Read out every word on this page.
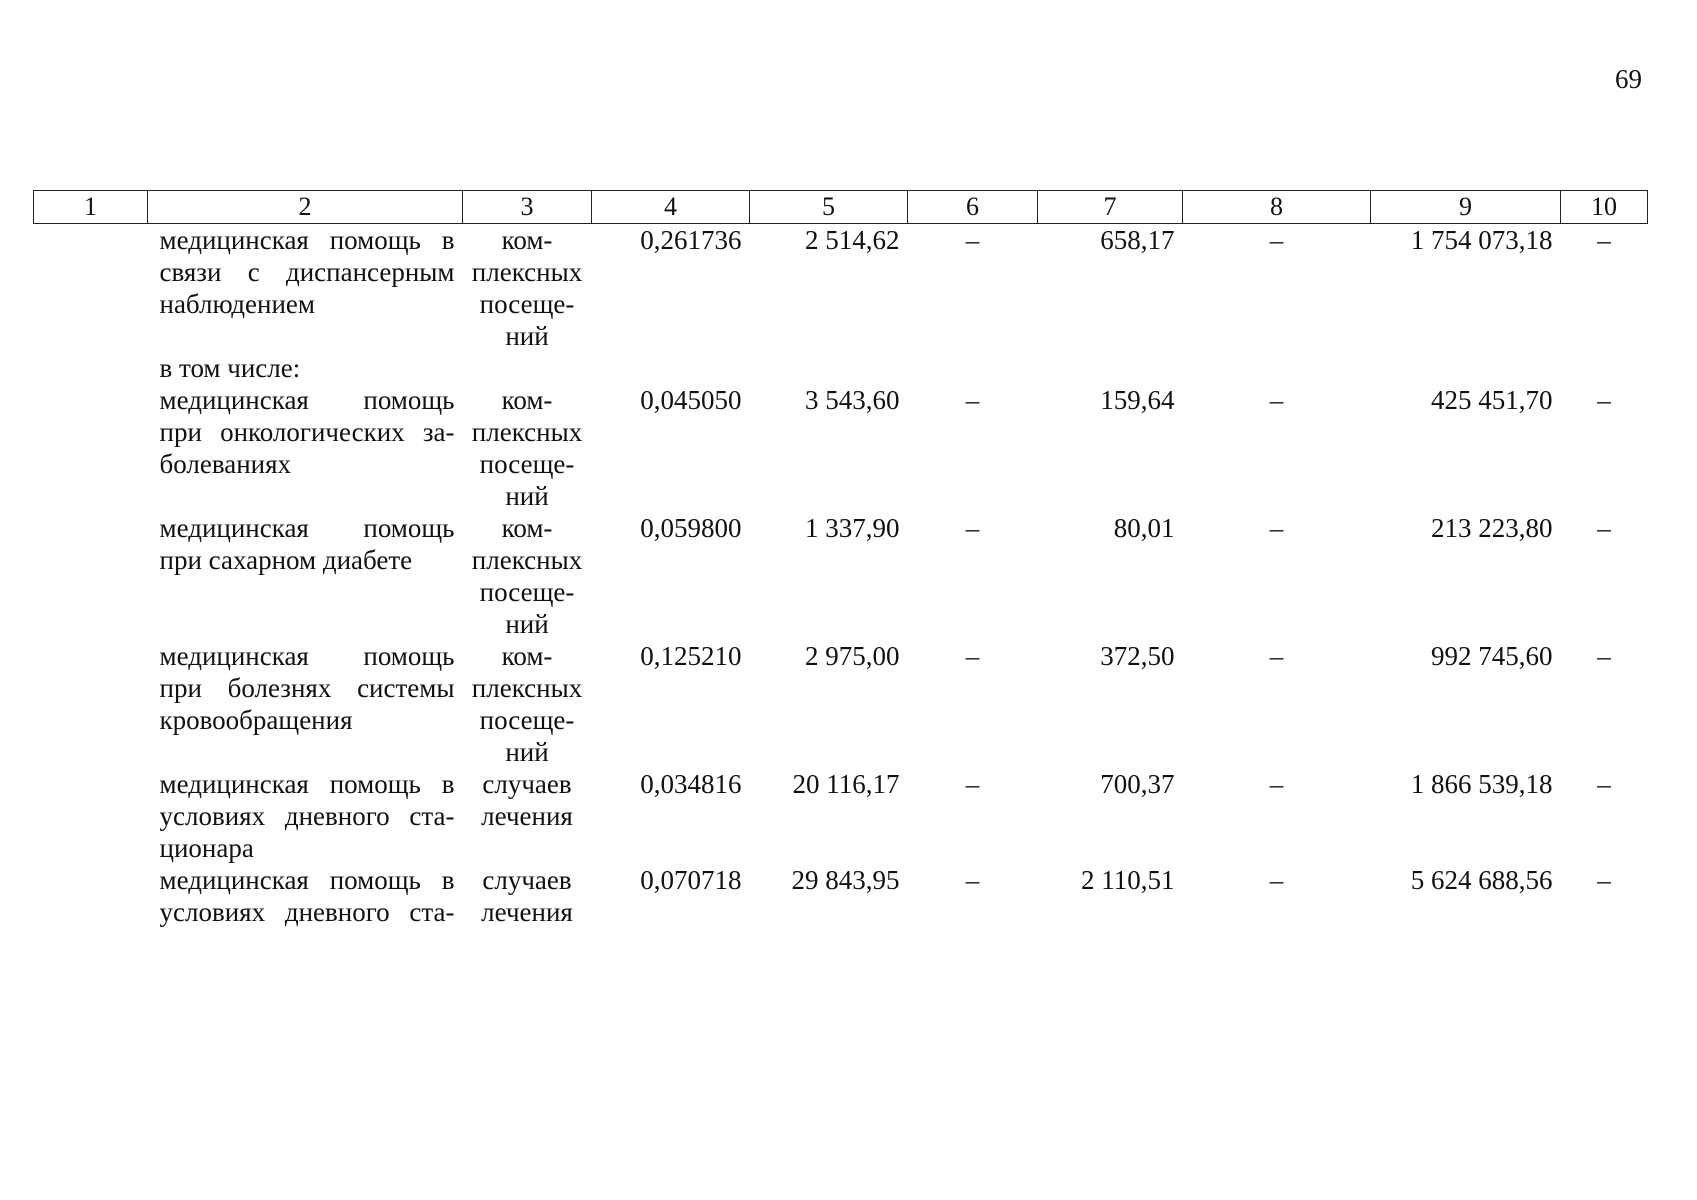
69
1	2	3	4	5	6	7	8	9	10

	медицинская помощь в
связи с диспансерным
наблюдением	ком-
плексных
посеще-
ний	0,261736	2 514,62	–	658,17	–	1 754 073,18	–
	в том числе:								

	медицинская помощь
при онкологических за-
болеваниях	ком-
плексных
посеще-
ний	0,045050	3 543,60	–	159,64	–	425 451,70	–

	медицинская помощь
при сахарном диабете	ком-
плексных
посеще-
ний	0,059800	1 337,90	–	80,01	–	213 223,80	–

	медицинская помощь
при болезнях системы
кровообращения	ком-
плексных
посеще-
ний	0,125210	2 975,00	–	372,50	–	992 745,60	–

	медицинская помощь в
условиях дневного ста-
ционара	случаев
лечения	0,034816	20 116,17	–	700,37	–	1 866 539,18	–

	медицинская помощь в
условиях дневного ста-	случаев
лечения	0,070718	29 843,95	–	2 110,51	–	5 624 688,56	–
